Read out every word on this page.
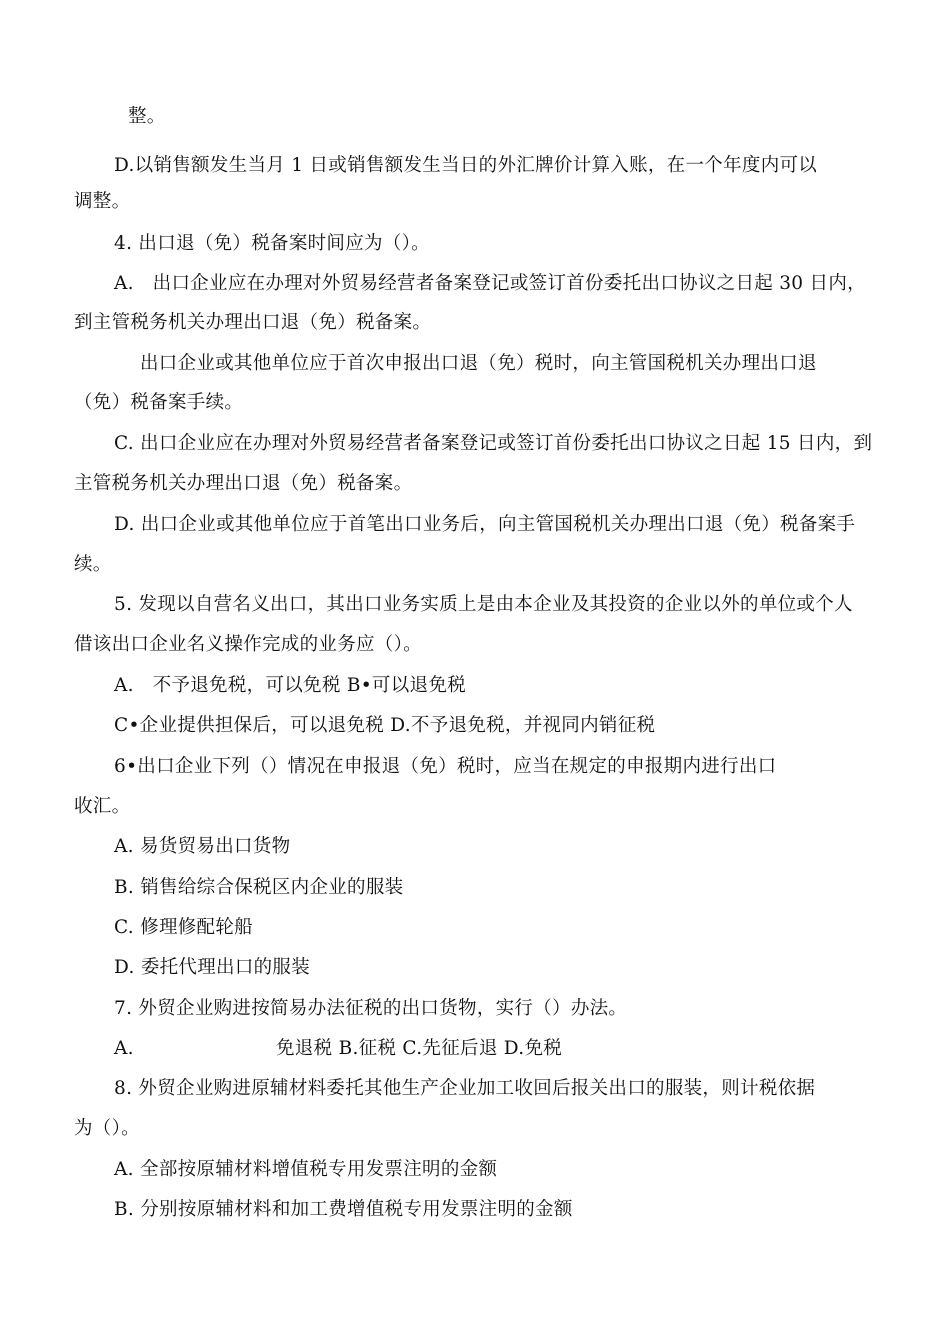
整。
D.以销售额发生当月 1 日或销售额发生当日的外汇牌价计算入账，在一个年度内可以
调整。
4. 出口退（免）税备案时间应为（）。
A.　出口企业应在办理对外贸易经营者备案登记或签订首份委托出口协议之日起 30 日内，
到主管税务机关办理出口退（免）税备案。
出口企业或其他单位应于首次申报出口退（免）税时，向主管国税机关办理出口退
（免）税备案手续。
C. 出口企业应在办理对外贸易经营者备案登记或签订首份委托出口协议之日起 15 日内，到
主管税务机关办理出口退（免）税备案。
D. 出口企业或其他单位应于首笔出口业务后，向主管国税机关办理出口退（免）税备案手
续。
5. 发现以自营名义出口，其出口业务实质上是由本企业及其投资的企业以外的单位或个人
借该出口企业名义操作完成的业务应（）。
A.　不予退免税，可以免税 B•可以退免税
C•企业提供担保后，可以退免税 D.不予退免税，并视同内销征税
6•出口企业下列（）情况在申报退（免）税时，应当在规定的申报期内进行出口
收汇。
A. 易货贸易出口货物
B. 销售给综合保税区内企业的服装
C. 修理修配轮船
D. 委托代理出口的服装
7. 外贸企业购进按简易办法征税的出口货物，实行（）办法。
A.	免退税 B.征税 C.先征后退 D.免税
8. 外贸企业购进原辅材料委托其他生产企业加工收回后报关出口的服装，则计税依据
为（）。
A. 全部按原辅材料增值税专用发票注明的金额
B. 分别按原辅材料和加工费增值税专用发票注明的金额
